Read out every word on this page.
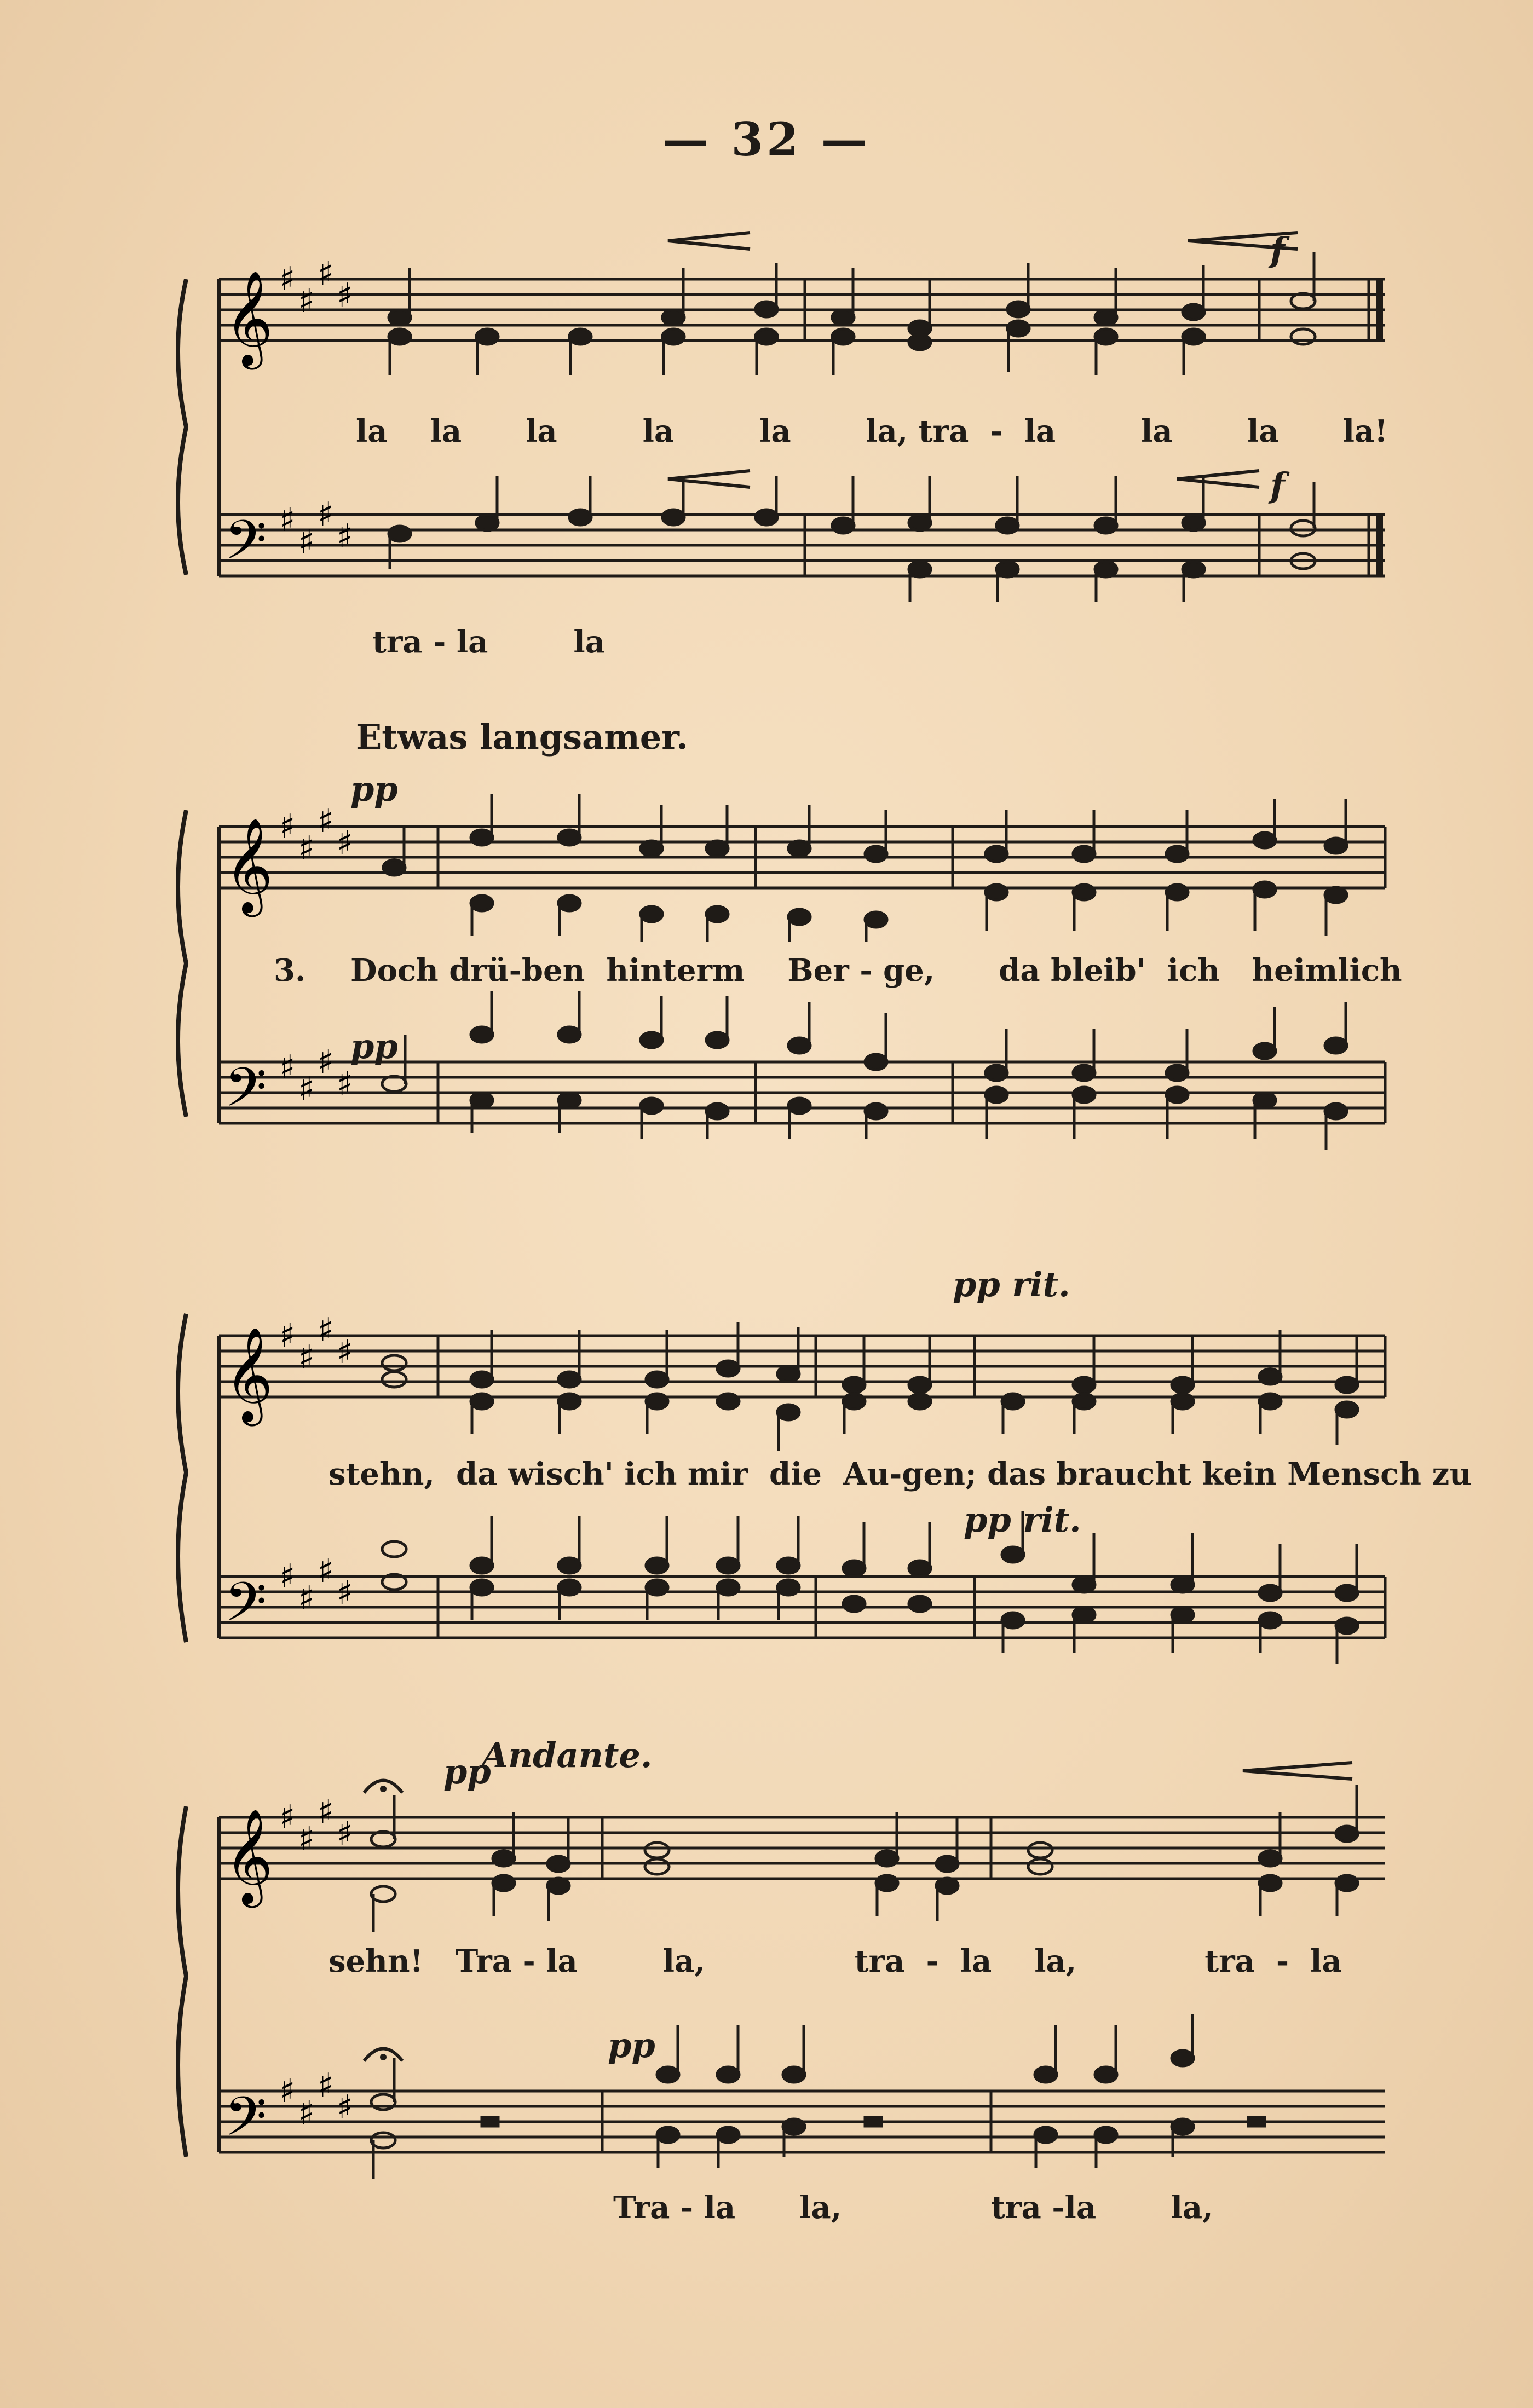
— 32 —
𝄞
𝄢
♯
♯
♯
♯
♯
♯
♯
♯
f
f
la    la      la        la        la       la, tra  -  la        la       la      la!
tra - la        la
Etwas langsamer.
𝄞
𝄢
♯
♯
♯
♯
♯
♯
♯
♯
pp
pp
3. Doch drü-ben  hinterm    Ber - ge,      da bleib'  ich   heimlich
𝄞
𝄢
♯
♯
♯
♯
♯
♯
♯
♯
pp rit.
pp rit.
stehn,  da wisch' ich mir  die  Au-gen; das braucht kein Mensch zu
Andante.
𝄞
𝄢
♯
♯
♯
♯
♯
♯
♯
♯
pp
pp
sehn!   Tra - la        la,              tra  -  la    la,            tra  -  la
Tra - la      la,              tra -la       la,
